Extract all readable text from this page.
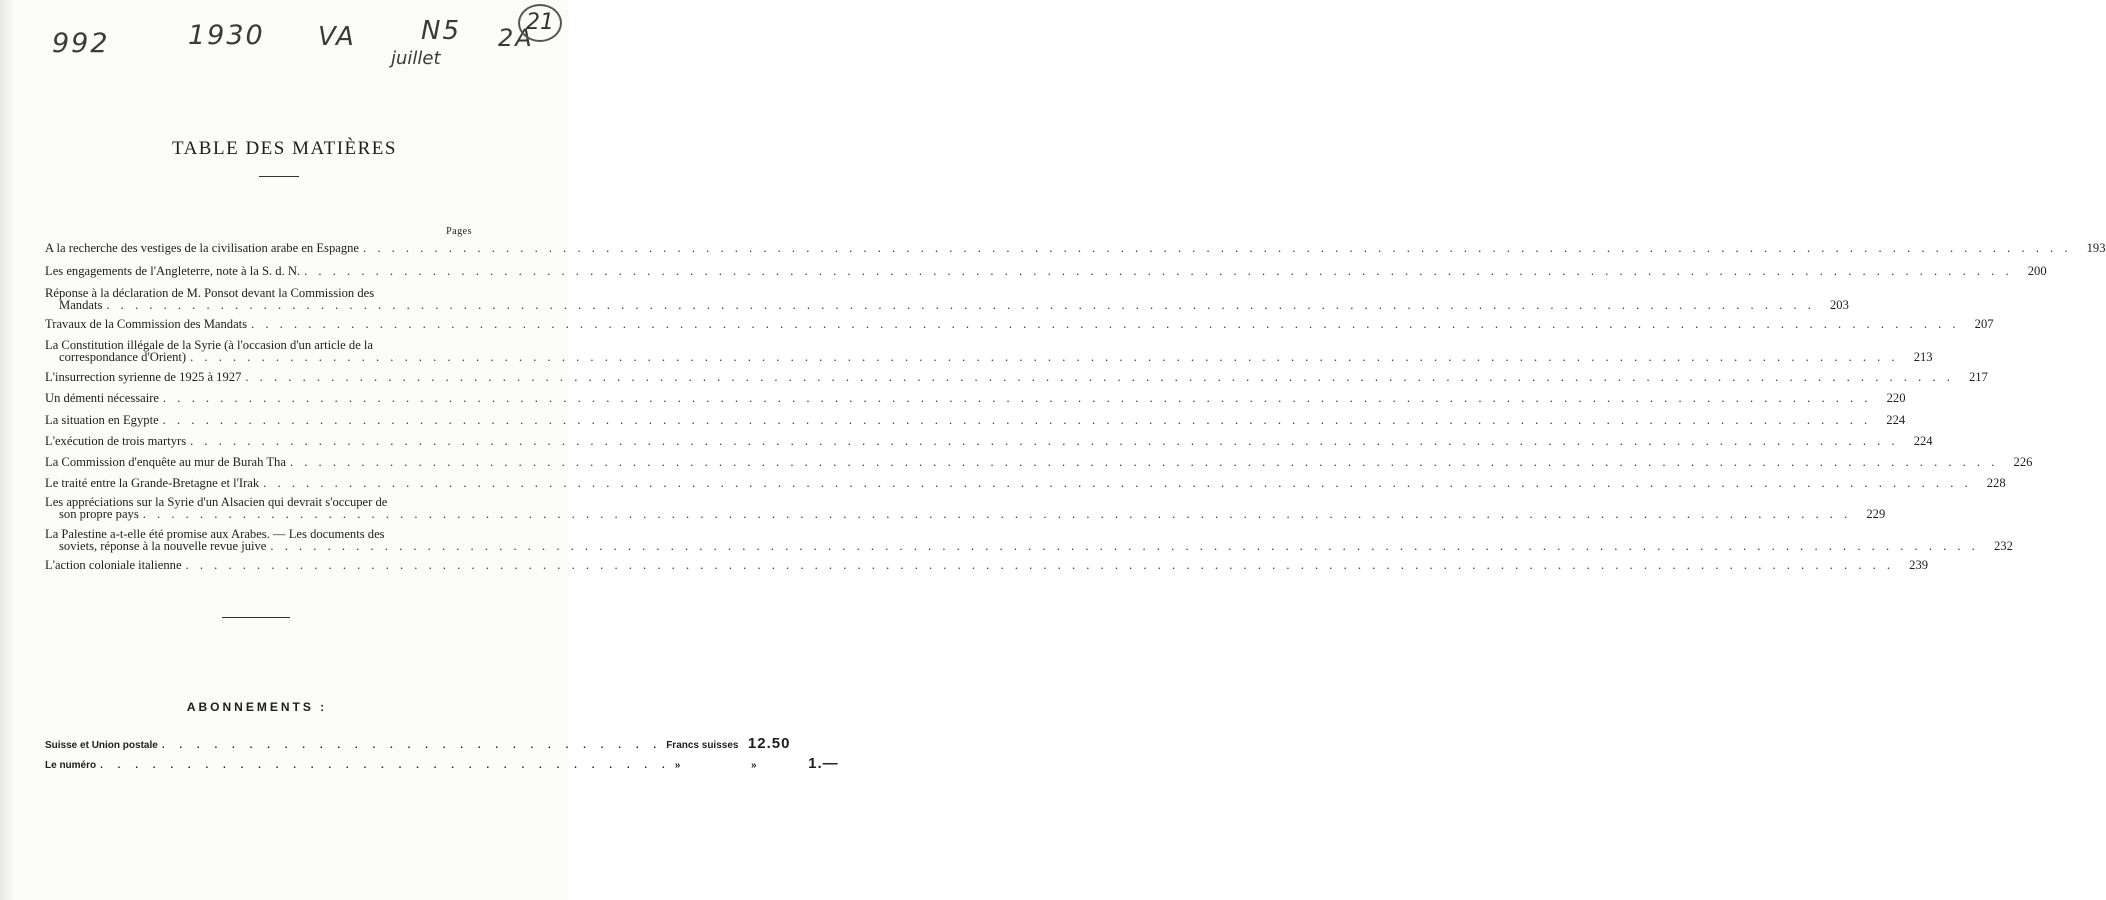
992	1930 VA	N5
juillet
2A
21
TABLE DES MATIÈRES
Pages
A la recherche des vestiges de la civilisation arabe en Espagne . . . . . . . . . . . . . . . . . . . . . . . . . . . . . . . . . . . . . . . . . . . . . . . . . . . . . . . . . . . . . . . . . . . . . . . . . . . . . . . . . . . . . . . . . . . . . . . . . . . . . . . . . . . . . . . . . . . . . . . .	193
Les engagements de l'Angleterre, note à la S. d. N. . . . . . . . . . . . . . . . . . . . . . . . . . . . . . . . . . . . . . . . . . . . . . . . . . . . . . . . . . . . . . . . . . . . . . . . . . . . . . . . . . . . . . . . . . . . . . . . . . . . . . . . . . . . . . . . . . . . . . . . .	200
Réponse à la déclaration de M. Ponsot devant la Commission des
Mandats . . . . . . . . . . . . . . . . . . . . . . . . . . . . . . . . . . . . . . . . . . . . . . . . . . . . . . . . . . . . . . . . . . . . . . . . . . . . . . . . . . . . . . . . . . . . . . . . . . . . . . . . . . . . . . . . . . . . . . . .	203
Travaux de la Commission des Mandats . . . . . . . . . . . . . . . . . . . . . . . . . . . . . . . . . . . . . . . . . . . . . . . . . . . . . . . . . . . . . . . . . . . . . . . . . . . . . . . . . . . . . . . . . . . . . . . . . . . . . . . . . . . . . . . . . . . . . . . .	207
La Constitution illégale de la Syrie (à l'occasion d'un article de la
correspondance d'Orient) . . . . . . . . . . . . . . . . . . . . . . . . . . . . . . . . . . . . . . . . . . . . . . . . . . . . . . . . . . . . . . . . . . . . . . . . . . . . . . . . . . . . . . . . . . . . . . . . . . . . . . . . . . . . . . . . . . . . . . . .	213
L'insurrection syrienne de 1925 à 1927 . . . . . . . . . . . . . . . . . . . . . . . . . . . . . . . . . . . . . . . . . . . . . . . . . . . . . . . . . . . . . . . . . . . . . . . . . . . . . . . . . . . . . . . . . . . . . . . . . . . . . . . . . . . . . . . . . . . . . . . .	217
Un démenti nécessaire . . . . . . . . . . . . . . . . . . . . . . . . . . . . . . . . . . . . . . . . . . . . . . . . . . . . . . . . . . . . . . . . . . . . . . . . . . . . . . . . . . . . . . . . . . . . . . . . . . . . . . . . . . . . . . . . . . . . . . . .	220
La situation en Egypte . . . . . . . . . . . . . . . . . . . . . . . . . . . . . . . . . . . . . . . . . . . . . . . . . . . . . . . . . . . . . . . . . . . . . . . . . . . . . . . . . . . . . . . . . . . . . . . . . . . . . . . . . . . . . . . . . . . . . . . .	224
L'exécution de trois martyrs . . . . . . . . . . . . . . . . . . . . . . . . . . . . . . . . . . . . . . . . . . . . . . . . . . . . . . . . . . . . . . . . . . . . . . . . . . . . . . . . . . . . . . . . . . . . . . . . . . . . . . . . . . . . . . . . . . . . . . . .	224
La Commission d'enquête au mur de Burah Tha . . . . . . . . . . . . . . . . . . . . . . . . . . . . . . . . . . . . . . . . . . . . . . . . . . . . . . . . . . . . . . . . . . . . . . . . . . . . . . . . . . . . . . . . . . . . . . . . . . . . . . . . . . . . . . . . . . . . . . . .	226
Le traité entre la Grande-Bretagne et l'Irak . . . . . . . . . . . . . . . . . . . . . . . . . . . . . . . . . . . . . . . . . . . . . . . . . . . . . . . . . . . . . . . . . . . . . . . . . . . . . . . . . . . . . . . . . . . . . . . . . . . . . . . . . . . . . . . . . . . . . . . .	228
Les appréciations sur la Syrie d'un Alsacien qui devrait s'occuper de
son propre pays . . . . . . . . . . . . . . . . . . . . . . . . . . . . . . . . . . . . . . . . . . . . . . . . . . . . . . . . . . . . . . . . . . . . . . . . . . . . . . . . . . . . . . . . . . . . . . . . . . . . . . . . . . . . . . . . . . . . . . . .	229
La Palestine a-t-elle été promise aux Arabes. — Les documents des
soviets, réponse à la nouvelle revue juive . . . . . . . . . . . . . . . . . . . . . . . . . . . . . . . . . . . . . . . . . . . . . . . . . . . . . . . . . . . . . . . . . . . . . . . . . . . . . . . . . . . . . . . . . . . . . . . . . . . . . . . . . . . . . . . . . . . . . . . .	232
L'action coloniale italienne . . . . . . . . . . . . . . . . . . . . . . . . . . . . . . . . . . . . . . . . . . . . . . . . . . . . . . . . . . . . . . . . . . . . . . . . . . . . . . . . . . . . . . . . . . . . . . . . . . . . . . . . . . . . . . . . . . . . . . . .	239
ABONNEMENTS :
Suisse et Union postale . . . . . . . . . . . . . . . . . . . . . . . . . . . . . Francs suisses 12.50
Le numéro . . . . . . . . . . . . . . . . . . . . . . . . . . . . . . . . . » »	1.—
